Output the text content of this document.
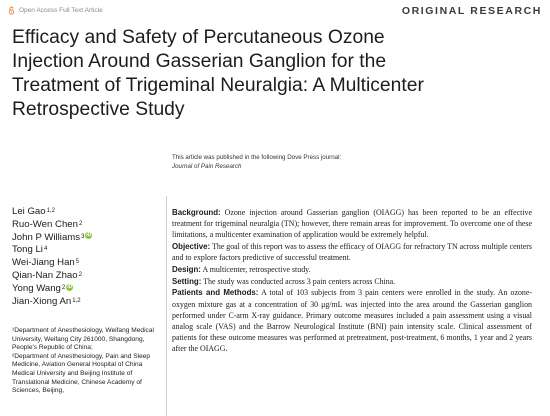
Open Access Full Text Article	ORIGINAL RESEARCH
Efficacy and Safety of Percutaneous Ozone
Injection Around Gasserian Ganglion for the
Treatment of Trigeminal Neuralgia: A Multicenter
Retrospective Study
This article was published in the following Dove Press journal:
Journal of Pain Research
Lei Gao$^{1,2}$
Ruo-Wen Chen$^2$
John P Williams$^3$ iD
Tong Li$^4$
Wei-Jiang Han$^5$
Qian-Nan Zhao$^2$
Yong Wang$^2$ iD
Jian-Xiong An$^{1,2}$

¹Department of Anesthesiology, Weifang Medical University, Weifang City 261000, Shangdong, People's Republic of China;

²Department of Anesthesiology, Pain and Sleep Medicine, Aviation General Hospital of China Medical University and Beijing Institute of Translational Medicine, Chinese Academy of Sciences, Beijing,

Background: Ozone injection around Gasserian ganglion (OIAGG) has been reported to be an effective treatment for trigeminal neuralgia (TN); however, there remain areas for improvement. To overcome one of these limitations, a multicenter examination of application would be extremely helpful.

Objective: The goal of this report was to assess the efficacy of OIAGG for refractory TN across multiple centers and to explore factors predictive of successful treatment.

Design: A multicenter, retrospective study.

Setting: The study was conducted across 3 pain centers across China.

Patients and Methods: A total of 103 subjects from 3 pain centers were enrolled in the study. An ozone-oxygen mixture gas at a concentration of 30 μg/mL was injected into the area around the Gasserian ganglion performed under C-arm X-ray guidance. Primary outcome measures included a pain assessment using a visual analog scale (VAS) and the Barrow Neurological Institute (BNI) pain intensity scale. Clinical assessment of patients for these outcome measures was performed at pretreatment, post-treatment, 6 months, 1 year and 2 years after the OIAGG.
